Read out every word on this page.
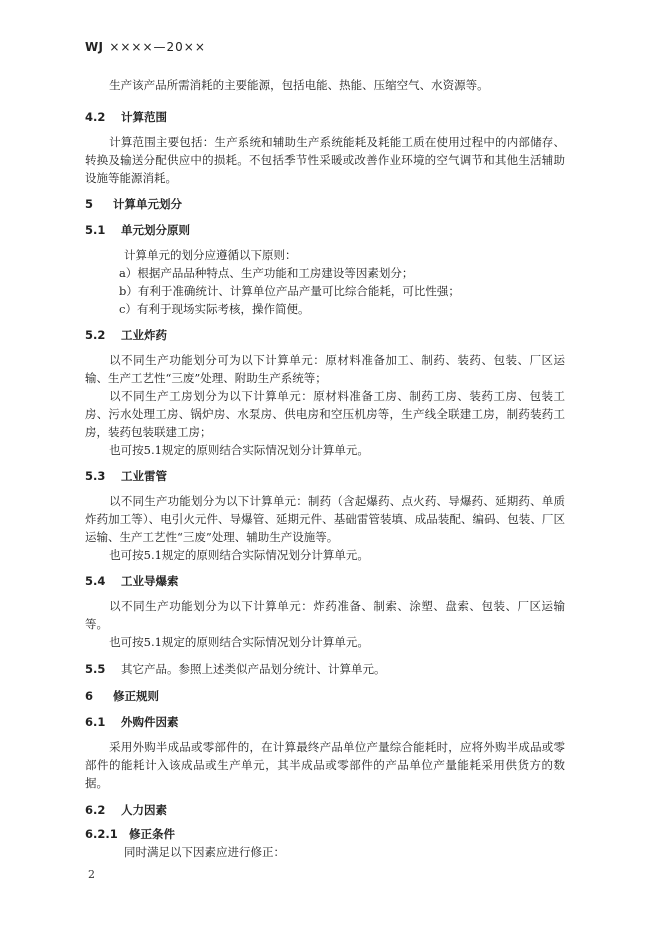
WJ ××××—20××
生产该产品所需消耗的主要能源，包括电能、热能、压缩空气、水资源等。
4.2 计算范围
计算范围主要包括：生产系统和辅助生产系统能耗及耗能工质在使用过程中的内部储存、转换及输送分配供应中的损耗。不包括季节性采暖或改善作业环境的空气调节和其他生活辅助设施等能源消耗。
5 计算单元划分
5.1 单元划分原则
计算单元的划分应遵循以下原则：
a）根据产品品种特点、生产功能和工房建设等因素划分；
b）有利于准确统计、计算单位产品产量可比综合能耗，可比性强；
c）有利于现场实际考核，操作简便。
5.2 工业炸药
以不同生产功能划分可为以下计算单元：原材料准备加工、制药、装药、包装、厂区运输、生产工艺性“三废”处理、附助生产系统等；
以不同生产工房划分为以下计算单元：原材料准备工房、制药工房、装药工房、包装工房、污水处理工房、锅炉房、水泵房、供电房和空压机房等，生产线全联建工房，制药装药工房，装药包装联建工房；
也可按5.1规定的原则结合实际情况划分计算单元。
5.3 工业雷管
以不同生产功能划分为以下计算单元：制药（含起爆药、点火药、导爆药、延期药、单质炸药加工等）、电引火元件、导爆管、延期元件、基础雷管装填、成品装配、编码、包装、厂区运输、生产工艺性“三废”处理、辅助生产设施等。
也可按5.1规定的原则结合实际情况划分计算单元。
5.4 工业导爆索
以不同生产功能划分为以下计算单元：炸药准备、制索、涂塑、盘索、包装、厂区运输等。
也可按5.1规定的原则结合实际情况划分计算单元。
5.5 其它产品。参照上述类似产品划分统计、计算单元。
6 修正规则
6.1 外购件因素
采用外购半成品或零部件的，在计算最终产品单位产量综合能耗时，应将外购半成品或零部件的能耗计入该成品或生产单元，其半成品或零部件的产品单位产量能耗采用供货方的数据。
6.2 人力因素
6.2.1 修正条件
同时满足以下因素应进行修正：
2
